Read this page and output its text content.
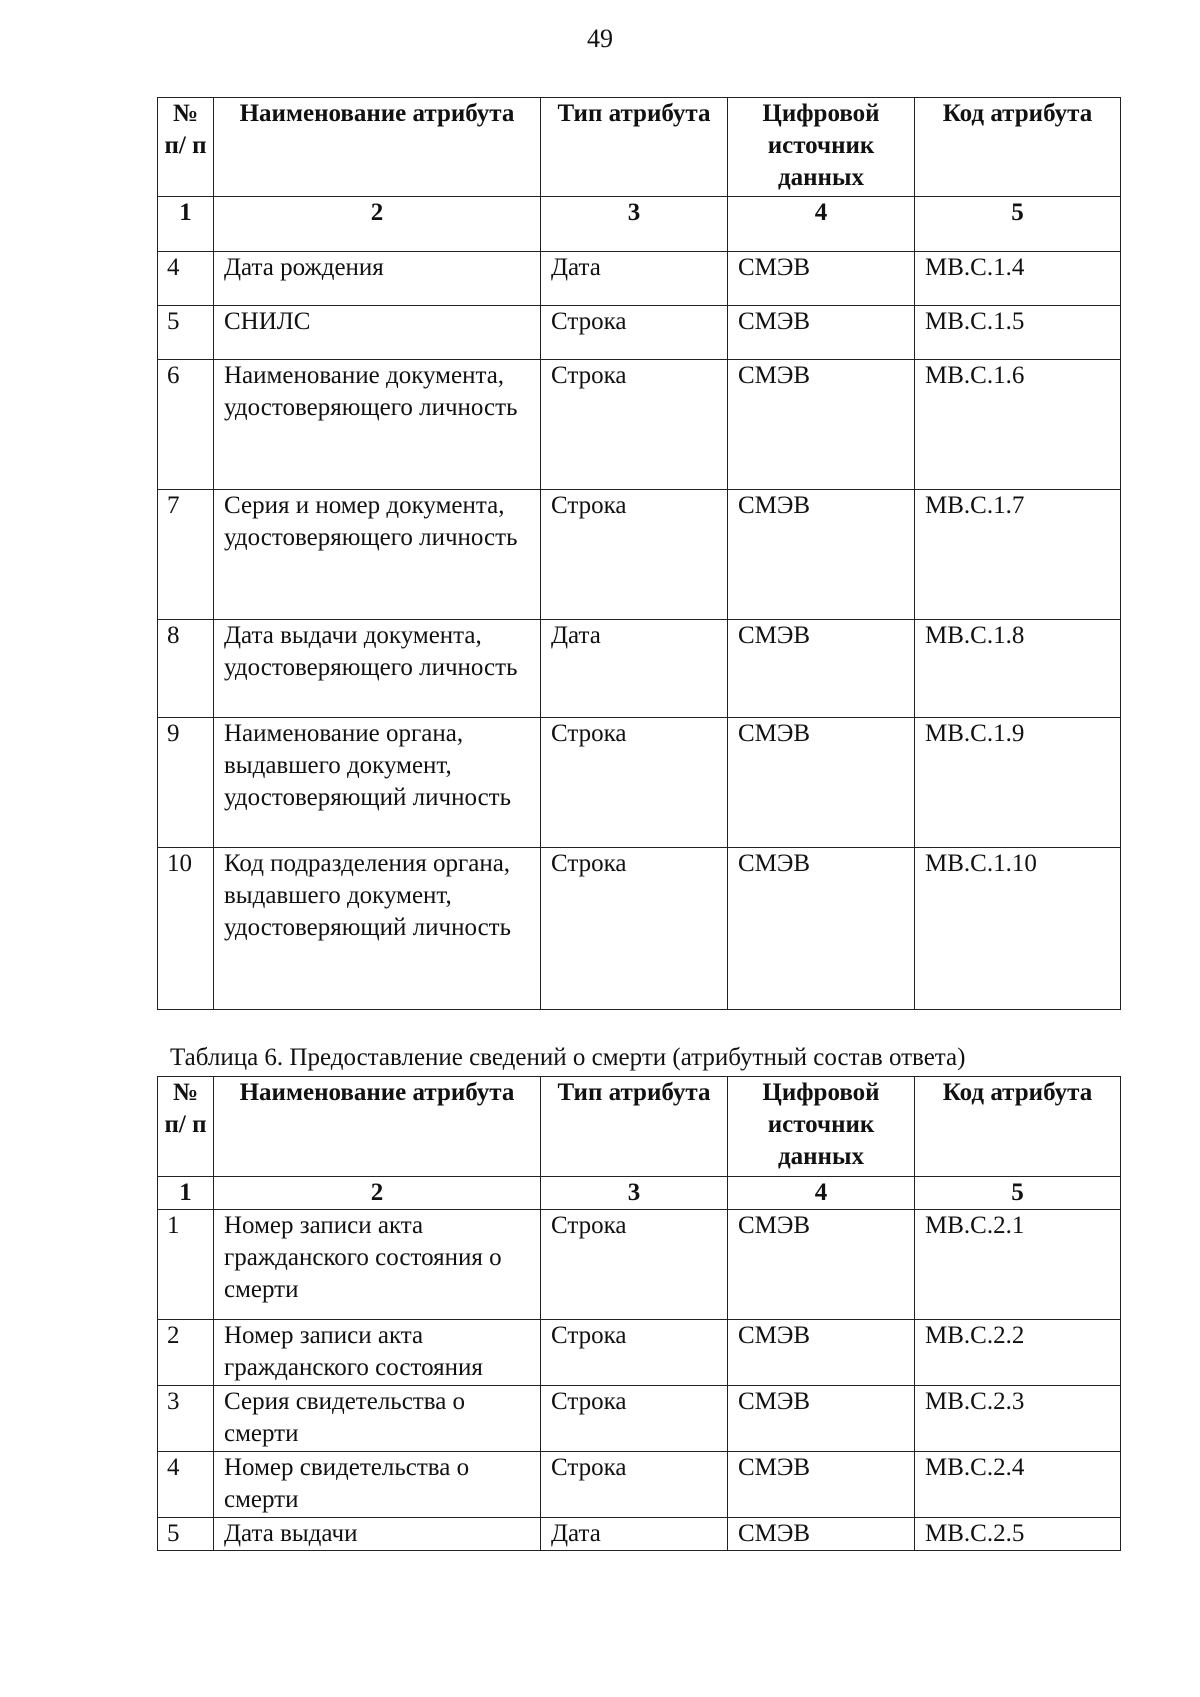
49
№ п/ п	Наименование атрибута	Тип атрибута	Цифровой источник данных	Код атрибута
1	2	3	4	5
4	Дата рождения	Дата	СМЭВ	МВ.С.1.4
5	СНИЛС	Строка	СМЭВ	МВ.С.1.5
6	Наименование документа, удостоверяющего личность	Строка	СМЭВ	МВ.С.1.6
7	Серия и номер документа, удостоверяющего личность	Строка	СМЭВ	МВ.С.1.7
8	Дата выдачи документа, удостоверяющего личность	Дата	СМЭВ	МВ.С.1.8
9	Наименование органа, выдавшего документ, удостоверяющий личность	Строка	СМЭВ	МВ.С.1.9
10	Код подразделения органа, выдавшего документ, удостоверяющий личность	Строка	СМЭВ	МВ.С.1.10
Таблица 6. Предоставление сведений о смерти (атрибутный состав ответа)
№ п/ п	Наименование атрибута	Тип атрибута	Цифровой источник данных	Код атрибута
1	2	3	4	5
1	Номер записи акта гражданского состояния о смерти	Строка	СМЭВ	МВ.С.2.1
2	Номер записи акта гражданского состояния	Строка	СМЭВ	МВ.С.2.2
3	Серия свидетельства о смерти	Строка	СМЭВ	МВ.С.2.3
4	Номер свидетельства о смерти	Строка	СМЭВ	МВ.С.2.4
5	Дата выдачи	Дата	СМЭВ	МВ.С.2.5
